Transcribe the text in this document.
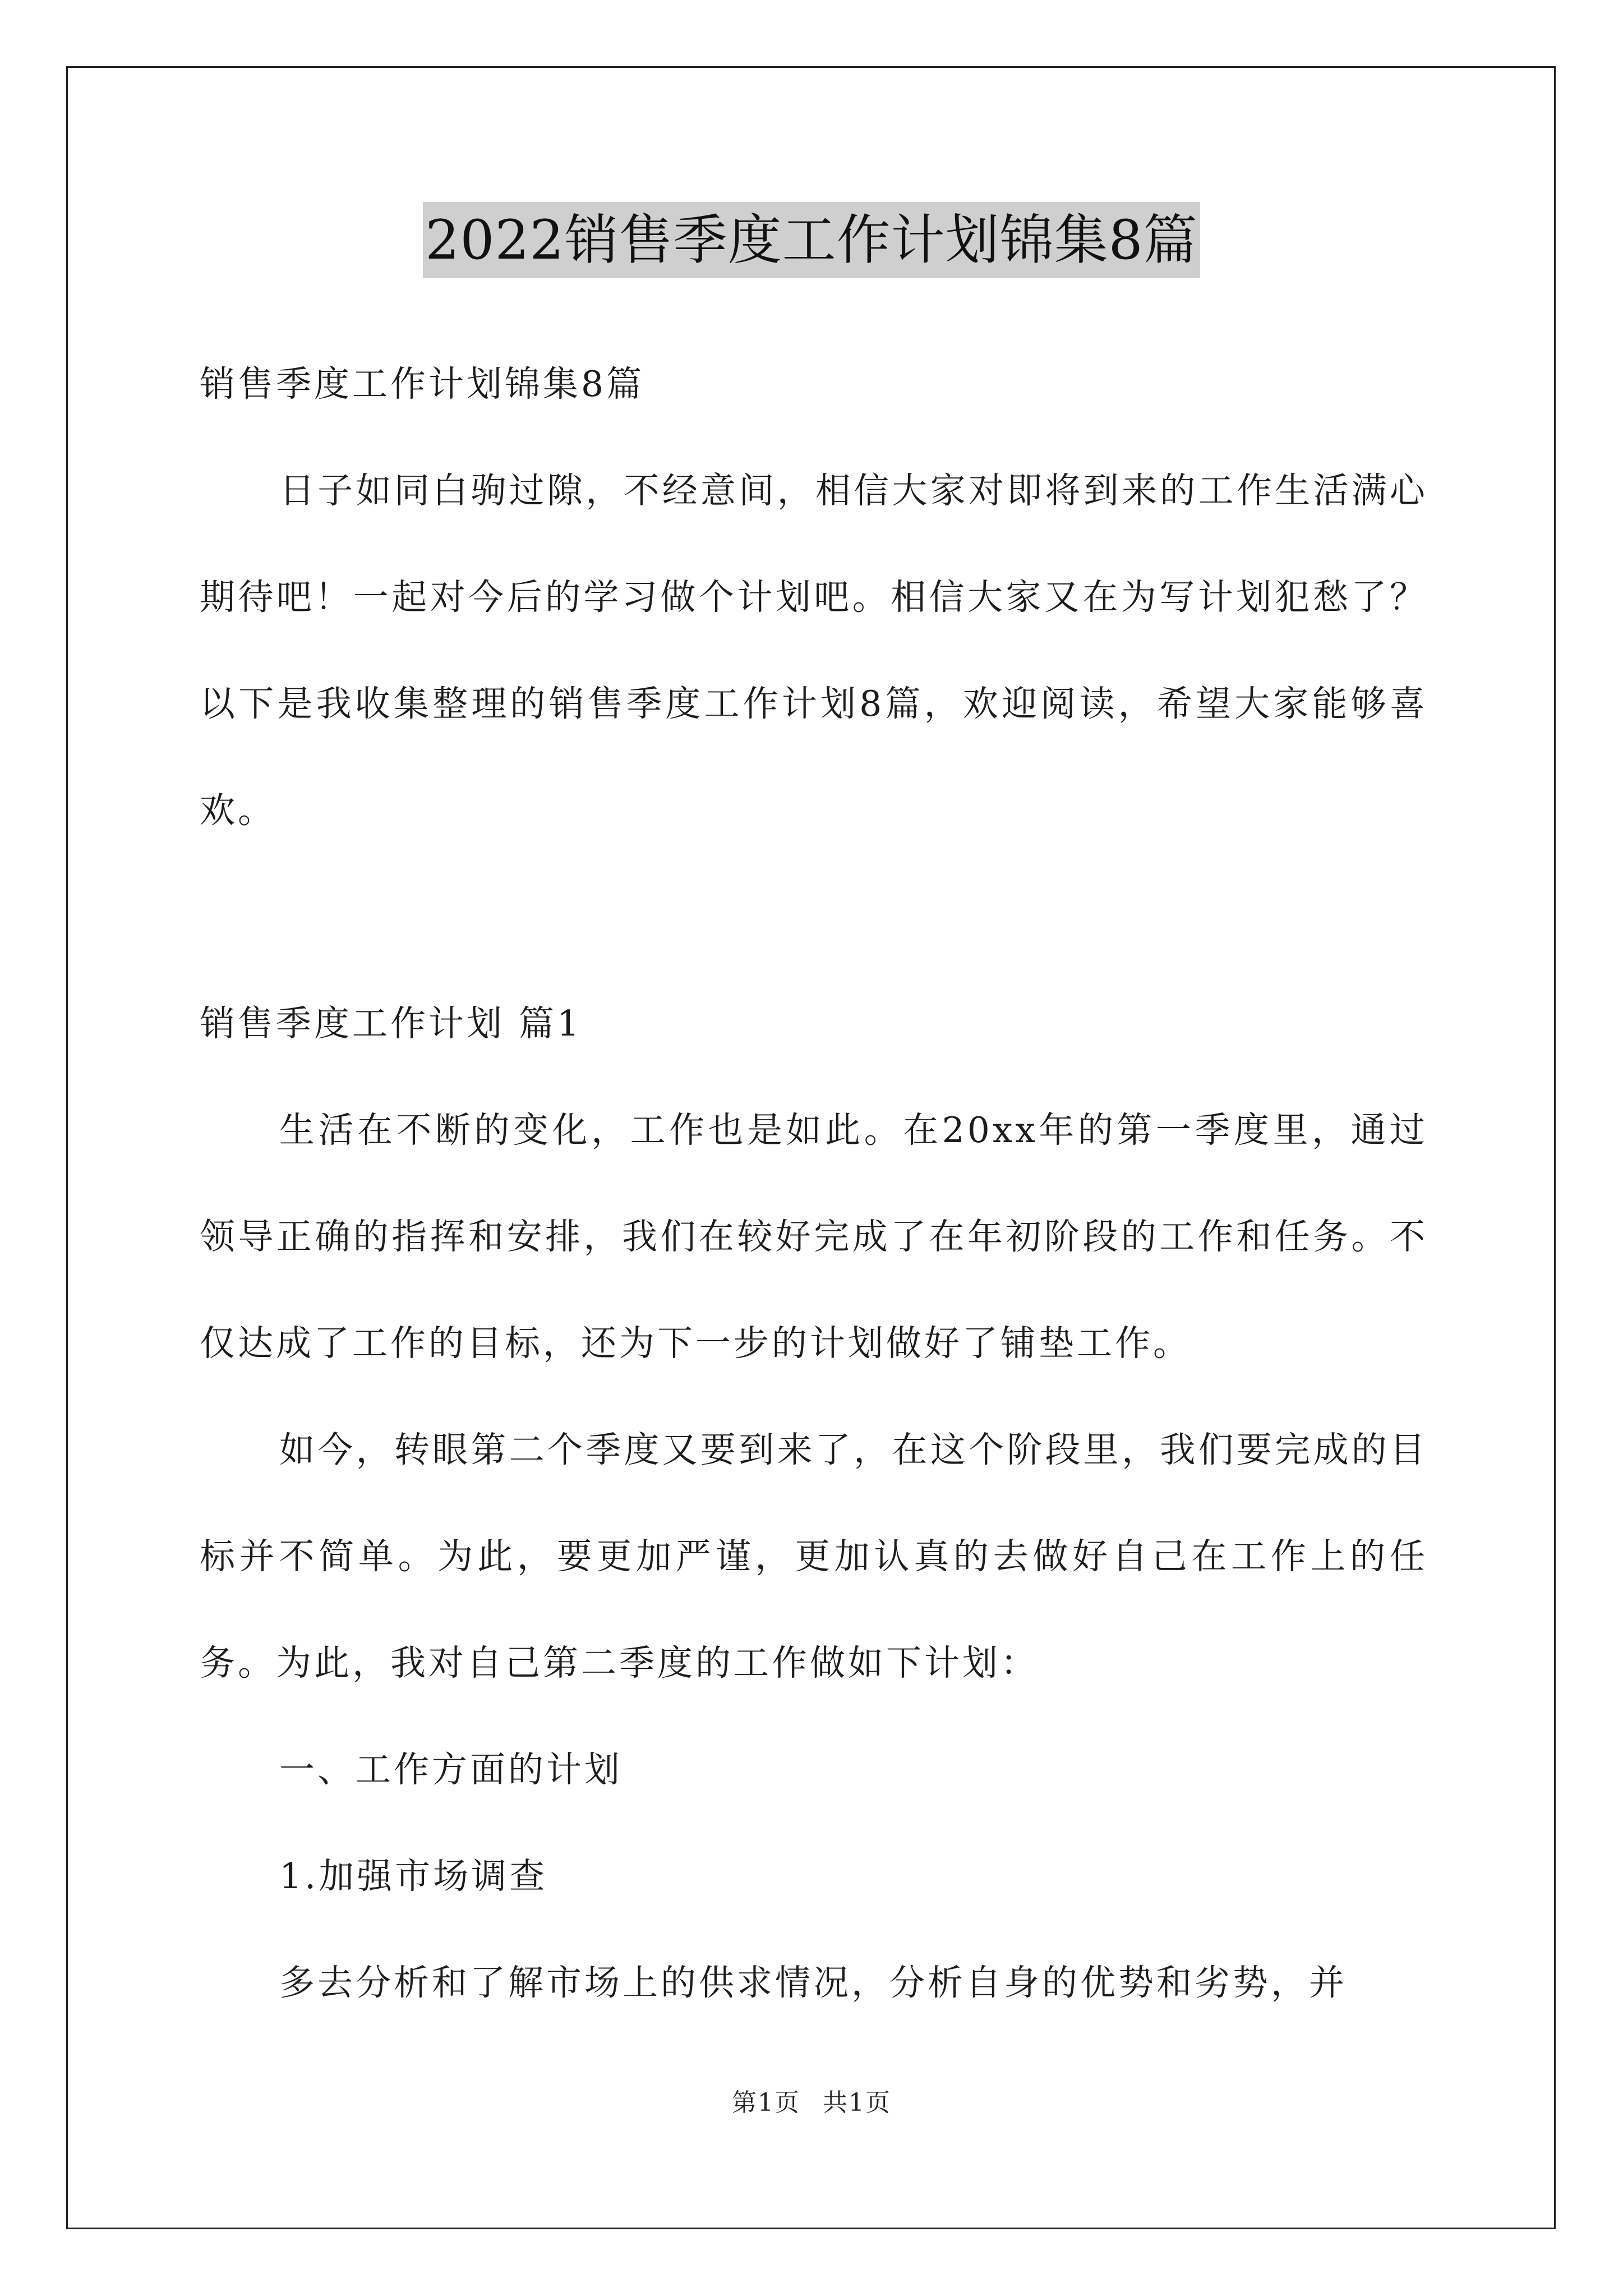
2022销售季度工作计划锦集8篇

销售季度工作计划锦集8篇

日子如同白驹过隙，不经意间，相信大家对即将到来的工作生活满心期待吧！一起对今后的学习做个计划吧。相信大家又在为写计划犯愁了？以下是我收集整理的销售季度工作计划8篇，欢迎阅读，希望大家能够喜欢。

销售季度工作计划 篇1

生活在不断的变化，工作也是如此。在20xx年的第一季度里，通过领导正确的指挥和安排，我们在较好完成了在年初阶段的工作和任务。不仅达成了工作的目标，还为下一步的计划做好了铺垫工作。

如今，转眼第二个季度又要到来了，在这个阶段里，我们要完成的目标并不简单。为此，要更加严谨，更加认真的去做好自己在工作上的任务。为此，我对自己第二季度的工作做如下计划：

一、工作方面的计划

1.加强市场调查

多去分析和了解市场上的供求情况，分析自身的优势和劣势，并

第1页 共1页
